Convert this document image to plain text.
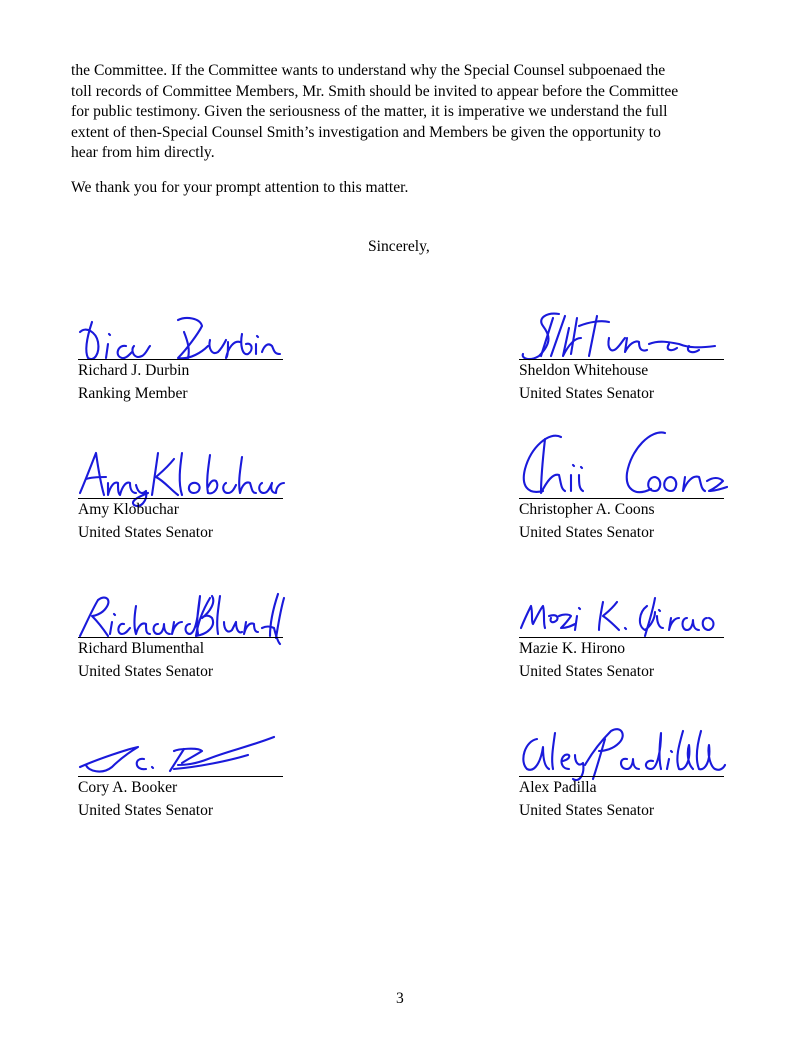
the Committee. If the Committee wants to understand why the Special Counsel subpoenaed the
toll records of Committee Members, Mr. Smith should be invited to appear before the Committee
for public testimony. Given the seriousness of the matter, it is imperative we understand the full
extent of then-Special Counsel Smith’s investigation and Members be given the opportunity to
hear from him directly.

We thank you for your prompt attention to this matter.

Sincerely,
Richard J. Durbin
Ranking Member
Sheldon Whitehouse
United States Senator
Amy Klobuchar
United States Senator
Christopher A. Coons
United States Senator
Richard Blumenthal
United States Senator
Mazie K. Hirono
United States Senator
Cory A. Booker
United States Senator
Alex Padilla
United States Senator
3
